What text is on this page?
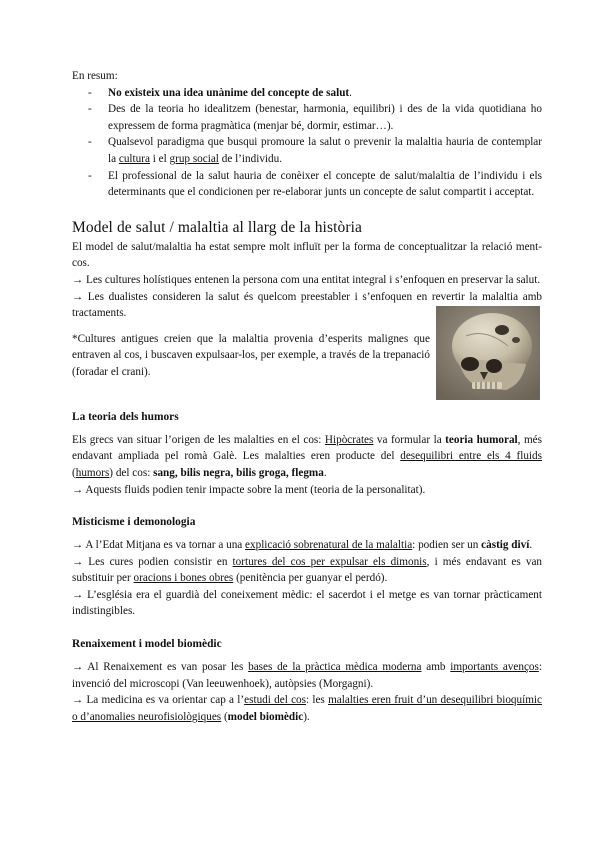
En resum:

- No existeix una idea unànime del concepte de salut.
- Des de la teoria ho idealitzem (benestar, harmonia, equilibri) i des de la vida quotidiana ho expressem de forma pragmàtica (menjar bé, dormir, estimar…).
- Qualsevol paradigma que busqui promoure la salut o prevenir la malaltia hauria de contemplar la cultura i el grup social de l’individu.
- El professional de la salut hauria de conèixer el concepte de salut/malaltia de l’individu i els determinants que el condicionen per re-elaborar junts un concepte de salut compartit i acceptat.
Model de salut / malaltia al llarg de la història

El model de salut/malaltia ha estat sempre molt influït per la forma de conceptualitzar la relació ment-cos.

→ Les cultures holístiques entenen la persona com una entitat integral i s’enfoquen en preservar la salut.

→ Les dualistes consideren la salut és quelcom preestabler i s’enfoquen en revertir la malaltia amb tractaments.

*Cultures antigues creien que la malaltia provenia d’esperits malignes que entraven al cos, i buscaven expulsaar-los, per exemple, a través de la trepanació (foradar el crani).

La teoria dels humors

Els grecs van situar l’origen de les malalties en el cos: Hipòcrates va formular la teoria humoral, més endavant ampliada pel romà Galè. Les malalties eren producte del desequilibri entre els 4 fluids (humors) del cos: sang, bilis negra, bilis groga, flegma.

→ Aquests fluids podien tenir impacte sobre la ment (teoria de la personalitat).

Misticisme i demonologia

→ A l’Edat Mitjana es va tornar a una explicació sobrenatural de la malaltia: podien ser un càstig diví.

→ Les cures podien consistir en tortures del cos per expulsar els dimonis, i més endavant es van substituir per oracions i bones obres (penitència per guanyar el perdó).

→ L’església era el guardià del coneixement mèdic: el sacerdot i el metge es van tornar pràcticament indistingibles.

Renaixement i model biomèdic

→ Al Renaixement es van posar les bases de la pràctica mèdica moderna amb importants avenços: invenció del microscopi (Van leeuwenhoek), autòpsies (Morgagni).

→ La medicina es va orientar cap a l’estudi del cos: les malalties eren fruit d’un desequilibri bioquímic o d’anomalies neurofisiològiques (model biomèdic).
